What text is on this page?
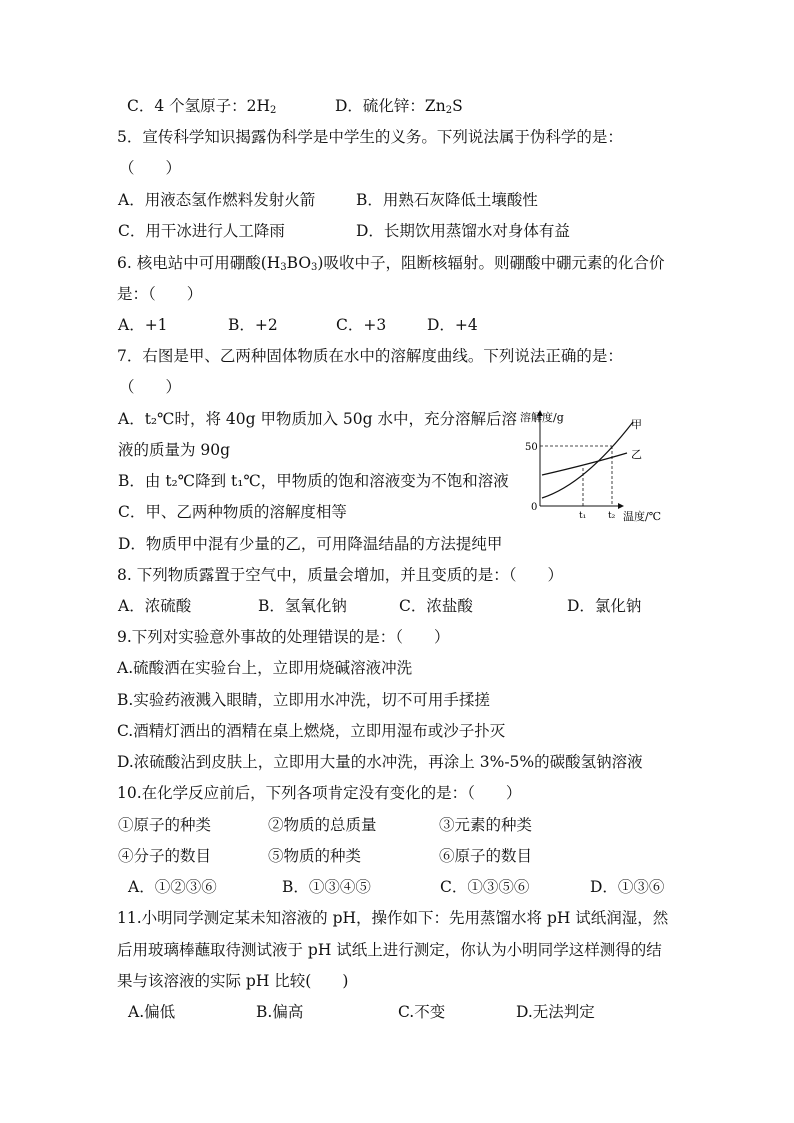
C．4 个氢原子：$2H_2$	D．硫化锌：$Zn_2S$
5．宣传科学知识揭露伪科学是中学生的义务。下列说法属于伪科学的是：
（　　）
A．用液态氢作燃料发射火箭	B．用熟石灰降低土壤酸性
C．用干冰进行人工降雨	D．长期饮用蒸馏水对身体有益
6. 核电站中可用硼酸$(H_3BO_3)$吸收中子，阻断核辐射。则硼酸中硼元素的化合价
是：（　　）
A．+1	B．+2	C．+3	D．+4
7．右图是甲、乙两种固体物质在水中的溶解度曲线。下列说法正确的是：
（　　）
A．t₂℃时，将 40g 甲物质加入 50g 水中，充分溶解后溶
液的质量为 90g
B．由 t₂℃降到 t₁℃，甲物质的饱和溶液变为不饱和溶液
C．甲、乙两种物质的溶解度相等
D．物质甲中混有少量的乙，可用降温结晶的方法提纯甲
溶解度/g
50
0
t₁ t₂ 温度/℃
甲
乙
8. 下列物质露置于空气中，质量会增加，并且变质的是：（　　）
A．浓硫酸	B．氢氧化钠	C．浓盐酸	D．氯化钠
9.下列对实验意外事故的处理错误的是：（　　）
A.硫酸洒在实验台上，立即用烧碱溶液冲洗
B.实验药液溅入眼睛，立即用水冲洗，切不可用手揉搓
C.酒精灯洒出的酒精在桌上燃烧，立即用湿布或沙子扑灭
D.浓硫酸沾到皮肤上，立即用大量的水冲洗，再涂上 3%-5%的碳酸氢钠溶液
10.在化学反应前后，下列各项肯定没有变化的是：（　　）
①原子的种类	②物质的总质量	③元素的种类
④分子的数目	⑤物质的种类	⑥原子的数目
A．①②③⑥	B．①③④⑤	C．①③⑤⑥	D．①③⑥
11.小明同学测定某未知溶液的 pH，操作如下：先用蒸馏水将 pH 试纸润湿，然
后用玻璃棒蘸取待测试液于 pH 试纸上进行测定，你认为小明同学这样测得的结
果与该溶液的实际 pH 比较(　　)
A.偏低	B.偏高	C.不变	D.无法判定
